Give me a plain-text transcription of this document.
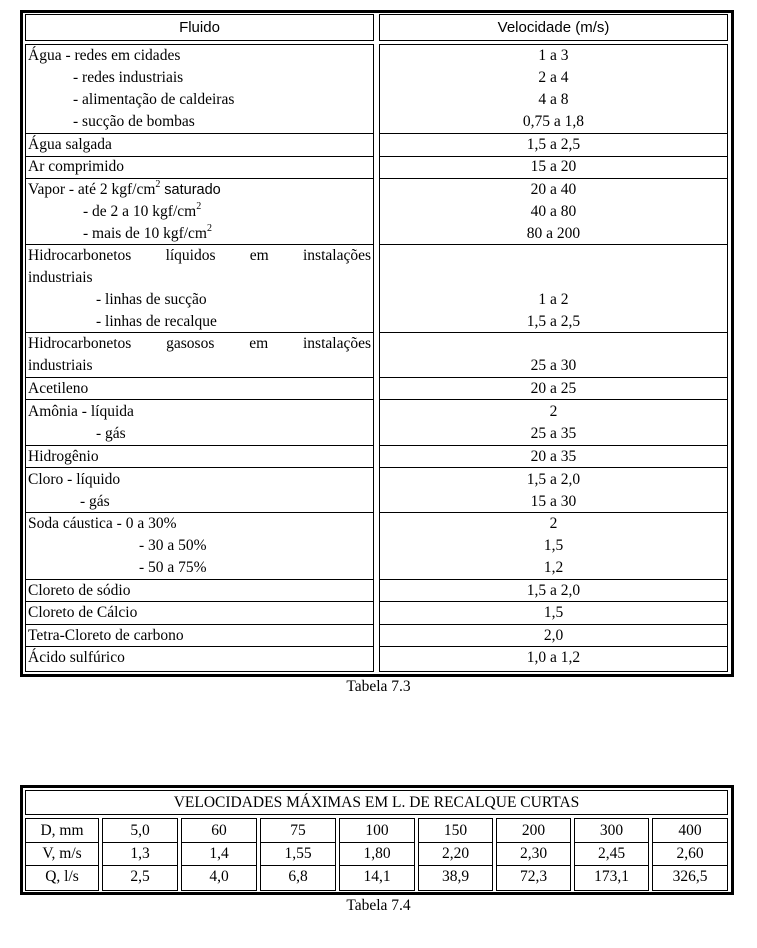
Fluido	Velocidade (m/s)
Água - redes em cidades
- redes industriais
- alimentação de caldeiras
- sucção de bombas
Água salgada
Ar comprimido
Vapor - até 2 kgf/$cm^2$ saturado
- de 2 a 10 kgf/$cm^2$
- mais de 10 kgf/$cm^2$
Hidrocarbonetos líquidos em instalações
industriais
- linhas de sucção
- linhas de recalque
Hidrocarbonetos gasosos em instalações
industriais
Acetileno
Amônia - líquida
- gás
Hidrogênio
Cloro - líquido
- gás
Soda cáustica - 0 a 30%
- 30 a 50%
- 50 a 75%
Cloreto de sódio
Cloreto de Cálcio
Tetra-Cloreto de carbono
Ácido sulfúrico
1 a 3
2 a 4
4 a 8
0,75 a 1,8
1,5 a 2,5
15 a 20
20 a 40
40 a 80
80 a 200
1 a 2
1,5 a 2,5
25 a 30
20 a 25
2
25 a 35
20 a 35
1,5 a 2,0
15 a 30
2
1,5
1,2
1,5 a 2,0
1,5
2,0
1,0 a 1,2
Tabela 7.3
VELOCIDADES MÁXIMAS EM L. DE RECALQUE CURTAS
D, mm
V, m/s
Q, l/s
5,0
1,3
2,5
60
1,4
4,0
75
1,55
6,8
100
1,80
14,1
150
2,20
38,9
200
2,30
72,3
300
2,45
173,1
400
2,60
326,5
Tabela 7.4
